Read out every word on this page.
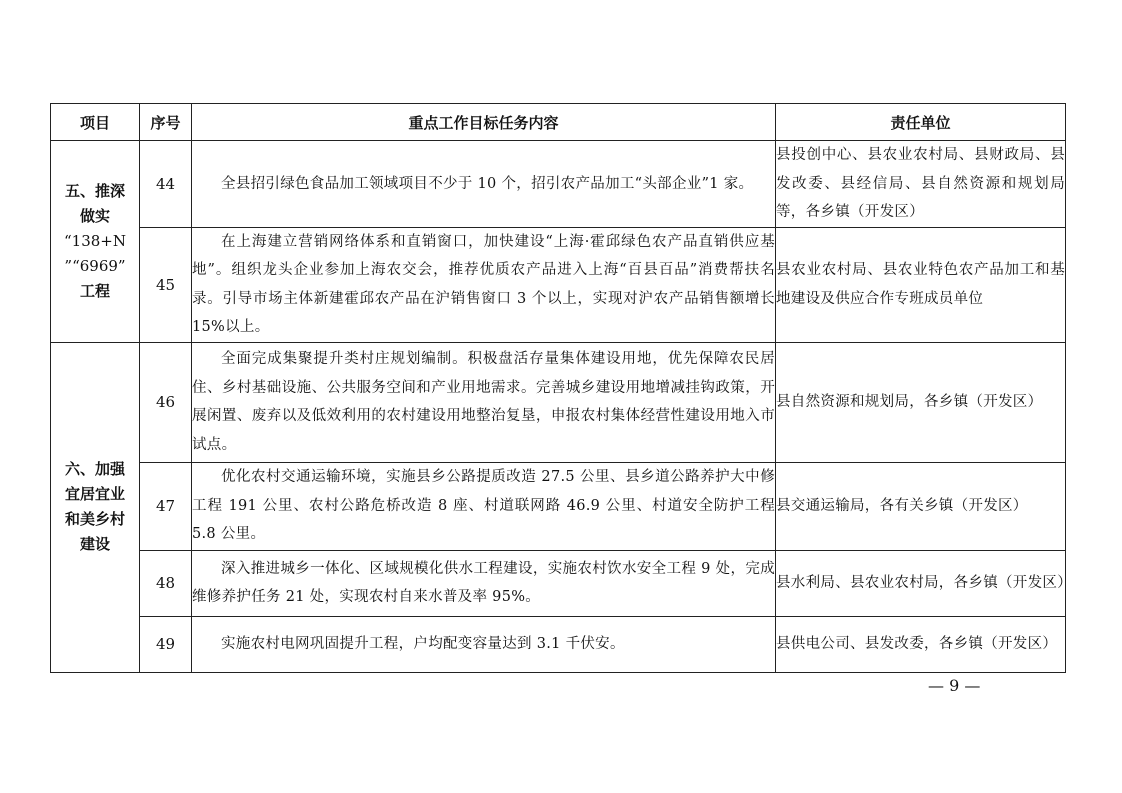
项目	序号	重点工作目标任务内容	责任单位

五、推深
做实
“138+N
”“6969”
工程	44	全县招引绿色食品加工领域项目不少于 10 个，招引农产品加工“头部企业”1 家。	县投创中心、县农业农村局、县财政局、县发改委、县经信局、县自然资源和规划局等，各乡镇（开发区）
	45	在上海建立营销网络体系和直销窗口，加快建设“上海·霍邱绿色农产品直销供应基地”。组织龙头企业参加上海农交会，推荐优质农产品进入上海“百县百品”消费帮扶名录。引导市场主体新建霍邱农产品在沪销售窗口 3 个以上，实现对沪农产品销售额增长 15%以上。	县农业农村局、县农业特色农产品加工和基地建设及供应合作专班成员单位

六、加强
宜居宜业
和美乡村
建设	46	全面完成集聚提升类村庄规划编制。积极盘活存量集体建设用地，优先保障农民居住、乡村基础设施、公共服务空间和产业用地需求。完善城乡建设用地增减挂钩政策，开展闲置、废弃以及低效利用的农村建设用地整治复垦，申报农村集体经营性建设用地入市试点。	县自然资源和规划局，各乡镇（开发区）
	47	优化农村交通运输环境，实施县乡公路提质改造 27.5 公里、县乡道公路养护大中修工程 191 公里、农村公路危桥改造 8 座、村道联网路 46.9 公里、村道安全防护工程 5.8 公里。	县交通运输局，各有关乡镇（开发区）
	48	深入推进城乡一体化、区域规模化供水工程建设，实施农村饮水安全工程 9 处，完成维修养护任务 21 处，实现农村自来水普及率 95%。	县水利局、县农业农村局，各乡镇（开发区）
	49	实施农村电网巩固提升工程，户均配变容量达到 3.1 千伏安。	县供电公司、县发改委，各乡镇（开发区）
— 9 —
